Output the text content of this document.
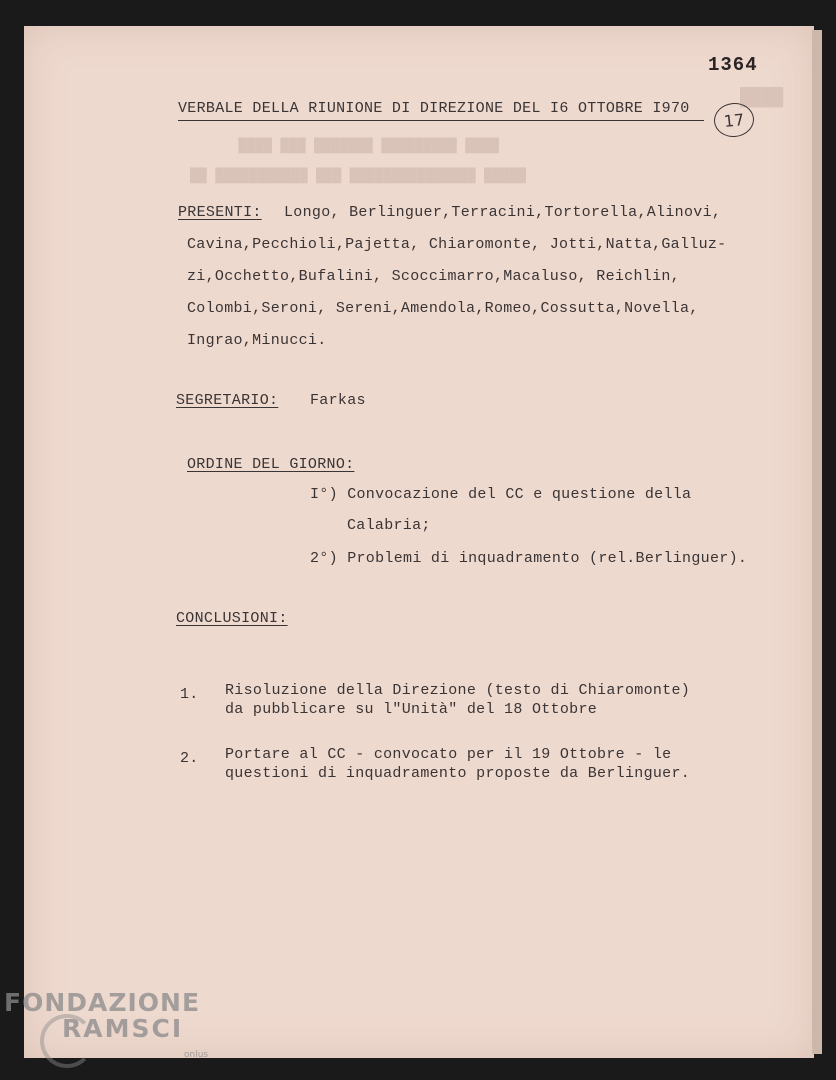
████
​ ████ ███ ███████ █████████ ████
██ ███████████ ███ ███████████████ █████
1364
VERBALE DELLA RIUNIONE DI DIREZIONE DEL I6 OTTOBRE I970
17
PRESENTI: Longo, Berlinguer,Terracini,Tortorella,Alinovi,
Cavina,Pecchioli,Pajetta, Chiaromonte, Jotti,Natta,Galluz-
zi,Occhetto,Bufalini, Scoccimarro,Macaluso, Reichlin,
Colombi,Seroni, Sereni,Amendola,Romeo,Cossutta,Novella,
Ingrao,Minucci.
SEGRETARIO: Farkas
ORDINE DEL GIORNO:
I°) Convocazione del CC e questione della
Calabria;
2°) Problemi di inquadramento (rel.Berlinguer).
CONCLUSIONI:
1. Risoluzione della Direzione (testo di Chiaromonte)
da pubblicare su l"Unità" del 18 Ottobre
2. Portare al CC - convocato per il 19 Ottobre - le
questioni di inquadramento proposte da Berlinguer.
FONDAZIONE
RAMSCI
onlus
